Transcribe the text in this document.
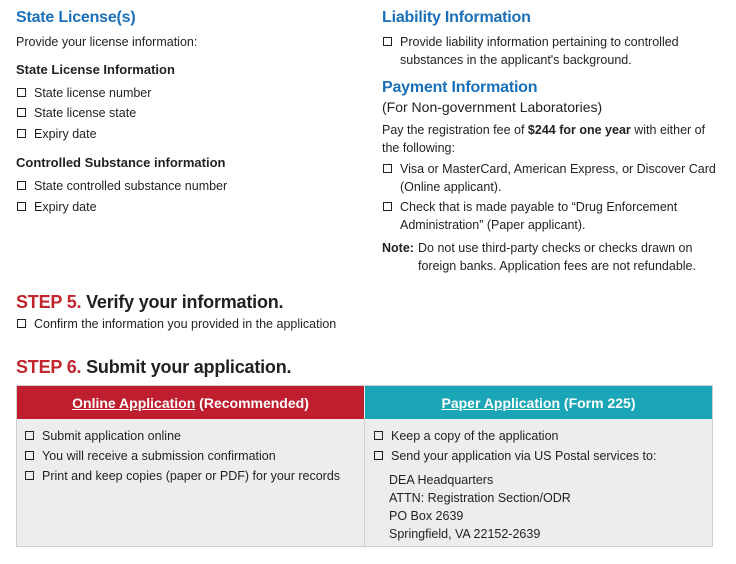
State License(s)
Provide your license information:
State License Information
State license number
State license state
Expiry date
Controlled Substance information
State controlled substance number
Expiry date
Liability Information
Provide liability information pertaining to controlled
substances in the applicant's background.
Payment Information
(For Non-government Laboratories)
Pay the registration fee of $244 for one year with either of
the following:
Visa or MasterCard, American Express, or Discover Card
(Online applicant).
Check that is made payable to “Drug Enforcement
Administration” (Paper applicant).
Note: Do not use third-party checks or checks drawn on
foreign banks. Application fees are not refundable.
STEP 5. Verify your information.
Confirm the information you provided in the application
STEP 6. Submit your application.
Online Application (Recommended)	Paper Application (Form 225)
Submit application online
You will receive a submission confirmation
Print and keep copies (paper or PDF) for your records
Keep a copy of the application
Send your application via US Postal services to:
DEA Headquarters
ATTN: Registration Section/ODR
PO Box 2639
Springfield, VA 22152-2639
